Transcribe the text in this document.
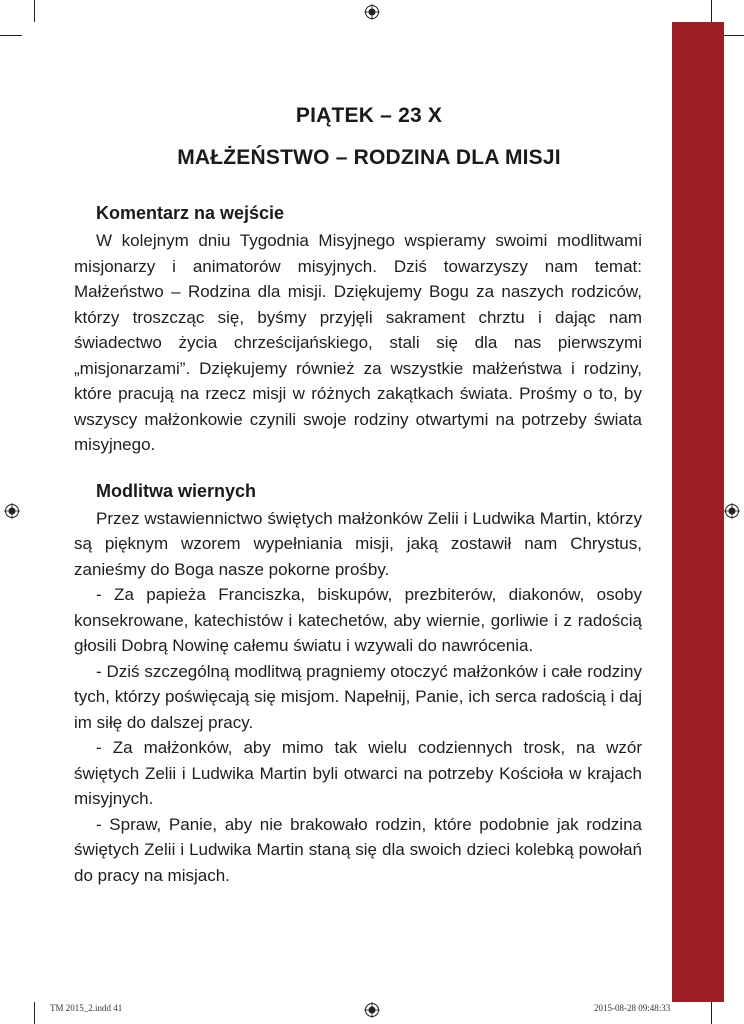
PIĄTEK – 23 X
MAŁŻEŃSTWO – RODZINA DLA MISJI
Komentarz na wejście

W kolejnym dniu Tygodnia Misyjnego wspieramy swoimi modlitwami misjonarzy i animatorów misyjnych. Dziś towarzyszy nam temat: Małżeństwo – Rodzina dla misji. Dziękujemy Bogu za naszych rodziców, którzy troszcząc się, byśmy przyjęli sakrament chrztu i dając nam świadectwo życia chrześcijańskiego, stali się dla nas pierwszymi „misjonarzami”. Dziękujemy również za wszystkie małżeństwa i rodziny, które pracują na rzecz misji w różnych zakątkach świata. Prośmy o to, by wszyscy małżonkowie czynili swoje rodziny otwartymi na potrzeby świata misyjnego.

Modlitwa wiernych

Przez wstawiennictwo świętych małżonków Zelii i Ludwika Martin, którzy są pięknym wzorem wypełniania misji, jaką zostawił nam Chrystus, zanieśmy do Boga nasze pokorne prośby.

- Za papieża Franciszka, biskupów, prezbiterów, diakonów, osoby konsekrowane, katechistów i katechetów, aby wiernie, gorliwie i z radością głosili Dobrą Nowinę całemu światu i wzywali do nawrócenia.

- Dziś szczególną modlitwą pragniemy otoczyć małżonków i całe rodziny tych, którzy poświęcają się misjom. Napełnij, Panie, ich serca radością i daj im siłę do dalszej pracy.

- Za małżonków, aby mimo tak wielu codziennych trosk, na wzór świętych Zelii i Ludwika Martin byli otwarci na potrzeby Kościoła w krajach misyjnych.

- Spraw, Panie, aby nie brakowało rodzin, które podobnie jak rodzina świętych Zelii i Ludwika Martin staną się dla swoich dzieci kolebką powołań do pracy na misjach.

TM 2015_2.indd 41	2015-08-28 09:48:33
